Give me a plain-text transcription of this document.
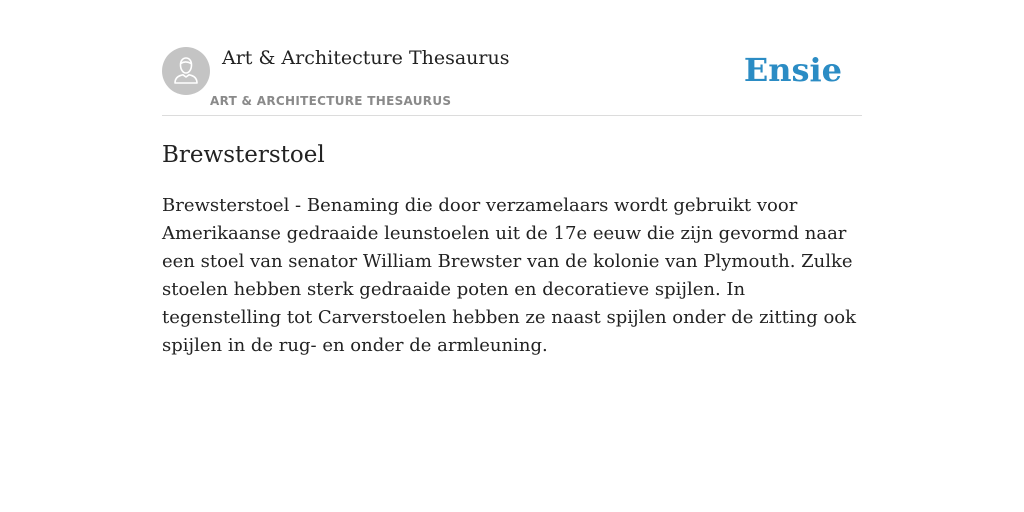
Art & Architecture Thesaurus
ART & ARCHITECTURE THESAURUS
Ensie
Brewsterstoel

Brewsterstoel - Benaming die door verzamelaars wordt gebruikt voor Amerikaanse gedraaide leunstoelen uit de 17e eeuw die zijn gevormd naar een stoel van senator William Brewster van de kolonie van Plymouth. Zulke stoelen hebben sterk gedraaide poten en decoratieve spijlen. In tegenstelling tot Carverstoelen hebben ze naast spijlen onder de zitting ook spijlen in de rug- en onder de armleuning.
